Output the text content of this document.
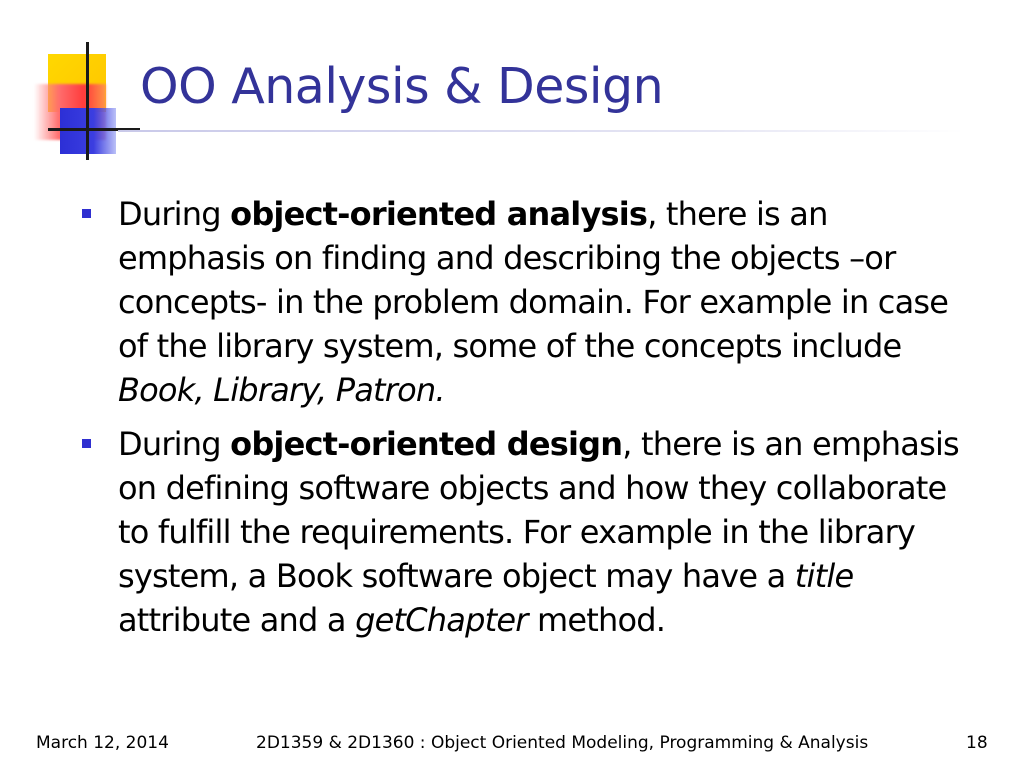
OO Analysis & Design
During object-oriented analysis, there is an emphasis on finding and describing the objects –or concepts- in the problem domain. For example in case of the library system, some of the concepts include Book, Library, Patron.
During object-oriented design, there is an emphasis on defining software objects and how they collaborate to fulfill the requirements. For example in the library system, a Book software object may have a title attribute and a getChapter method.
March 12, 2014	2D1359 & 2D1360 : Object Oriented Modeling, Programming & Analysis	18
